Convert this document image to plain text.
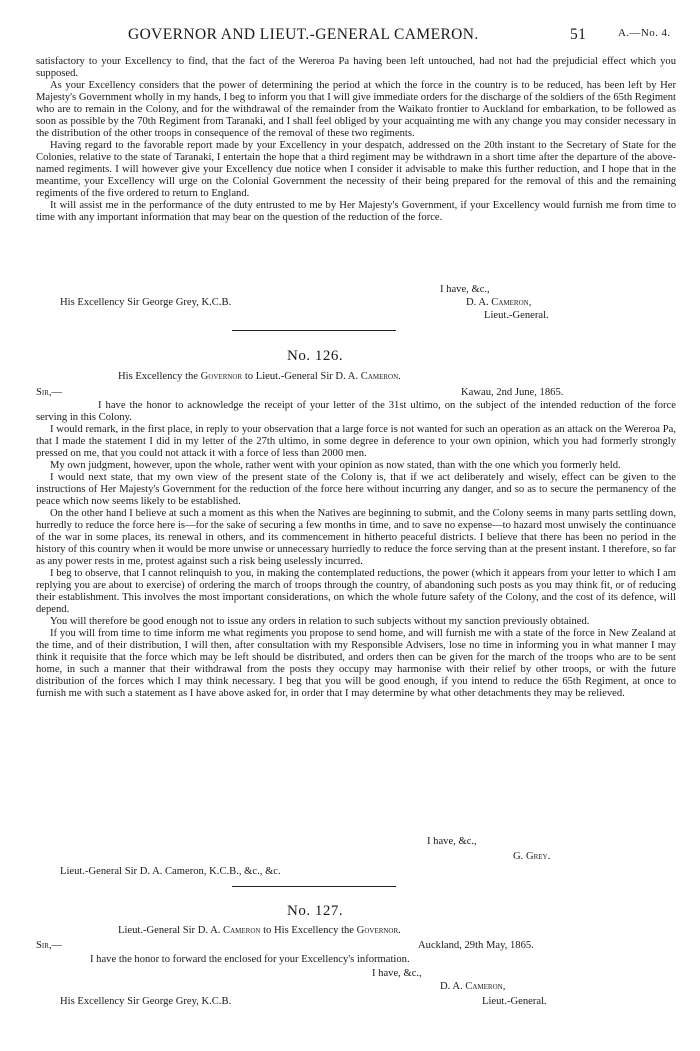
GOVERNOR AND LIEUT.-GENERAL CAMERON.	51	A.—No. 4.

satisfactory to your Excellency to find, that the fact of the Wereroa Pa having been left untouched, had not had the prejudicial effect which you supposed.

As your Excellency considers that the power of determining the period at which the force in the country is to be reduced, has been left by Her Majesty's Government wholly in my hands, I beg to inform you that I will give immediate orders for the discharge of the soldiers of the 65th Regiment who are to remain in the Colony, and for the withdrawal of the remainder from the Waikato frontier to Auckland for embarkation, to be followed as soon as possible by the 70th Regiment from Taranaki, and I shall feel obliged by your acquainting me with any change you may consider necessary in the distribution of the other troops in consequence of the removal of these two regiments.

Having regard to the favorable report made by your Excellency in your despatch, addressed on the 20th instant to the Secretary of State for the Colonies, relative to the state of Taranaki, I entertain the hope that a third regiment may be withdrawn in a short time after the departure of the above-named regiments. I will however give your Excellency due notice when I consider it advisable to make this further reduction, and I hope that in the meantime, your Excellency will urge on the Colonial Government the necessity of their being prepared for the removal of this and the remaining regiments of the five ordered to return to England.

It will assist me in the performance of the duty entrusted to me by Her Majesty's Government, if your Excellency would furnish me from time to time with any important information that may bear on the question of the reduction of the force.

I have, &c.,
His Excellency Sir George Grey, K.C.B.	D. A. Cameron,
Lieut.-General.
No. 126.
His Excellency the Governor to Lieut.-General Sir D. A. Cameron.
Sir,—	Kawau, 2nd June, 1865.

I have the honor to acknowledge the receipt of your letter of the 31st ultimo, on the subject of the intended reduction of the force serving in this Colony.

I would remark, in the first place, in reply to your observation that a large force is not wanted for such an operation as an attack on the Wereroa Pa, that I made the statement I did in my letter of the 27th ultimo, in some degree in deference to your own opinion, which you had formerly strongly pressed on me, that you could not attack it with a force of less than 2000 men.

My own judgment, however, upon the whole, rather went with your opinion as now stated, than with the one which you formerly held.

I would next state, that my own view of the present state of the Colony is, that if we act deliberately and wisely, effect can be given to the instructions of Her Majesty's Government for the reduction of the force here without incurring any danger, and so as to secure the permanency of the peace which now seems likely to be established.

On the other hand I believe at such a moment as this when the Natives are beginning to submit, and the Colony seems in many parts settling down, hurredly to reduce the force here is—for the sake of securing a few months in time, and to save no expense—to hazard most unwisely the continuance of the war in some places, its renewal in others, and its commencement in hitherto peaceful districts. I believe that there has been no period in the history of this country when it would be more unwise or unnecessary hurriedly to reduce the force serving than at the present instant. I therefore, so far as any power rests in me, protest against such a risk being uselessly incurred.

I beg to observe, that I cannot relinquish to you, in making the contemplated reductions, the power (which it appears from your letter to which I am replying you are about to exercise) of ordering the march of troops through the country, of abandoning such posts as you may think fit, or of reducing their establishment. This involves the most important considerations, on which the whole future safety of the Colony, and the cost of its defence, will depend.

You will therefore be good enough not to issue any orders in relation to such subjects without my sanction previously obtained.

If you will from time to time inform me what regiments you propose to send home, and will furnish me with a state of the force in New Zealand at the time, and of their distribution, I will then, after consultation with my Responsible Advisers, lose no time in informing you in what manner I may think it requisite that the force which may be left should be distributed, and orders then can be given for the march of the troops who are to be sent home, in such a manner that their withdrawal from the posts they occupy may harmonise with their relief by other troops, or with the future distribution of the forces which I may think necessary. I beg that you will be good enough, if you intend to reduce the 65th Regiment, at once to furnish me with such a statement as I have above asked for, in order that I may determine by what other detachments they may be relieved.

I have, &c.,
G. Grey.
Lieut.-General Sir D. A. Cameron, K.C.B., &c., &c.
No. 127.
Lieut.-General Sir D. A. Cameron to His Excellency the Governor.
Sir,—	Auckland, 29th May, 1865.
I have the honor to forward the enclosed for your Excellency's information.
I have, &c.,
D. A. Cameron,
His Excellency Sir George Grey, K.C.B.	Lieut.-General.
